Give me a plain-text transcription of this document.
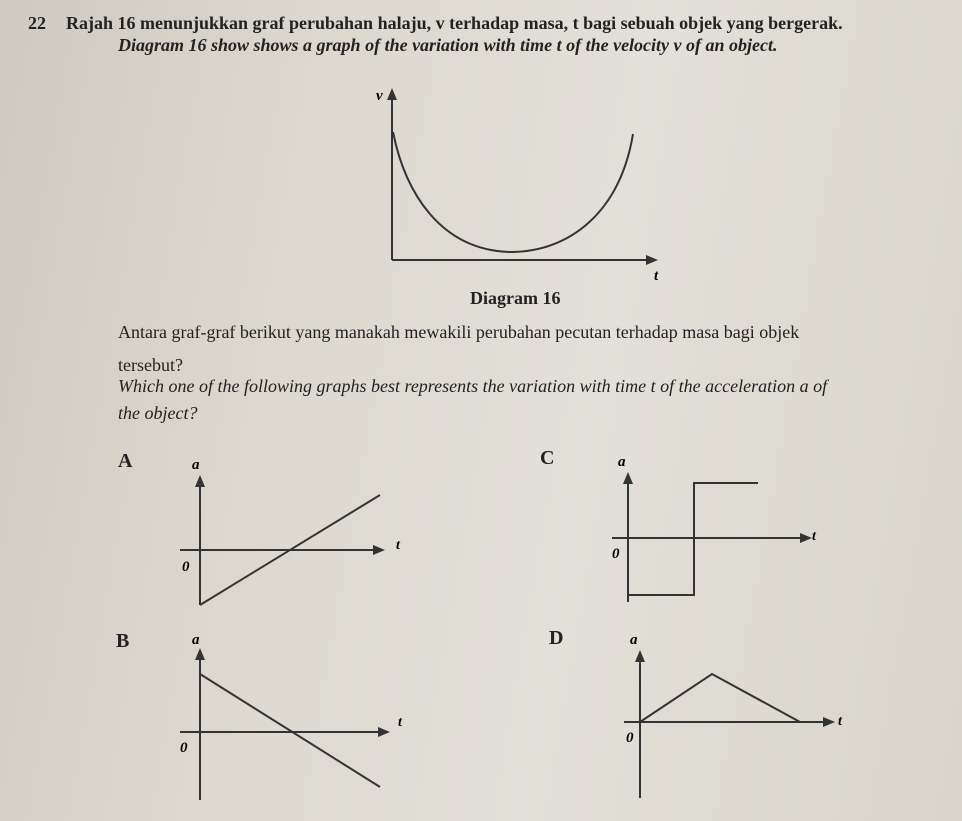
22 Rajah 16 menunjukkan graf perubahan halaju, v terhadap masa, t bagi sebuah objek yang bergerak.
Diagram 16 show shows a graph of the variation with time t of the velocity v of an object.
v
t
Diagram 16
Antara graf-graf berikut yang manakah mewakili perubahan pecutan terhadap masa bagi objek
tersebut?
Which one of the following graphs best represents the variation with time t of the acceleration a of
the object?
A	a
t
0
B	a
t
0
C	a
t
0
D	a
t
0
